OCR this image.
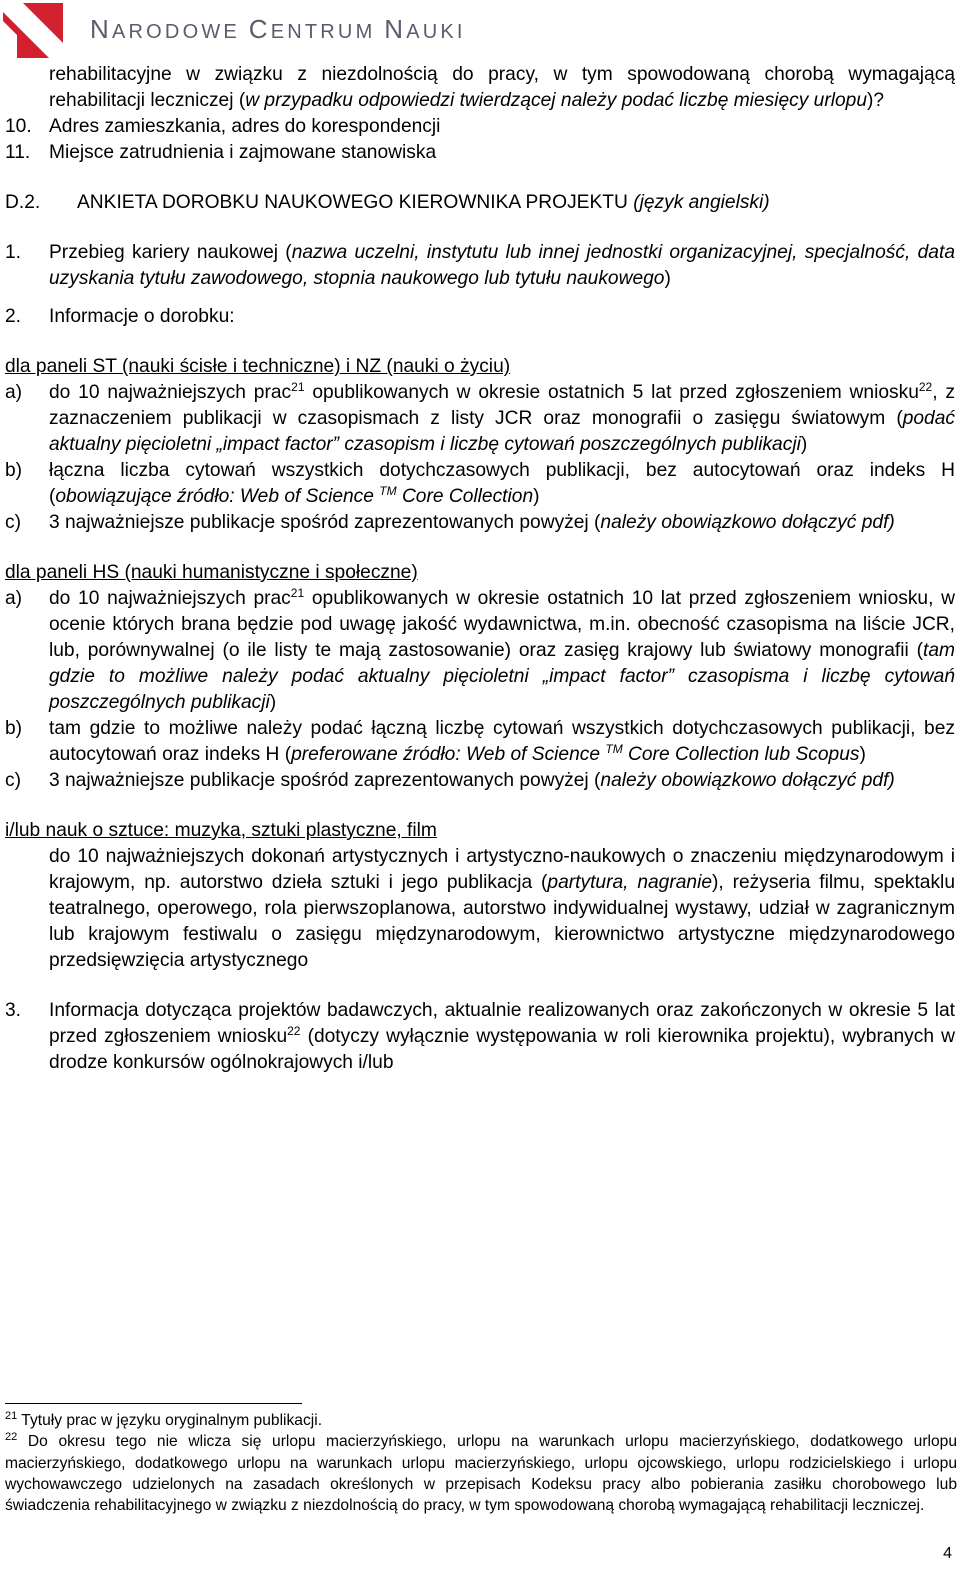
NARODOWE CENTRUM NAUKI

rehabilitacyjne w związku z niezdolnością do pracy, w tym spowodowaną chorobą wymagającą rehabilitacji leczniczej (w przypadku odpowiedzi twierdzącej należy podać liczbę miesięcy urlopu)?

10. Adres zamieszkania, adres do korespondencji
11. Miejsce zatrudnienia i zajmowane stanowiska
D.2.	ANKIETA DOROBKU NAUKOWEGO KIEROWNIKA PROJEKTU (język angielski)
1.	Przebieg kariery naukowej (nazwa uczelni, instytutu lub innej jednostki organizacyjnej, specjalność, data uzyskania tytułu zawodowego, stopnia naukowego lub tytułu naukowego)
2.	Informacje o dorobku:

dla paneli ST (nauki ścisłe i techniczne) i NZ (nauki o życiu)

a)	do 10 najważniejszych prac$^{21}$ opublikowanych w okresie ostatnich 5 lat przed zgłoszeniem wniosku$^{22}$, z zaznaczeniem publikacji w czasopismach z listy JCR oraz monografii o zasięgu światowym (podać aktualny pięcioletni „impact factor” czasopism i liczbę cytowań poszczególnych publikacji)
b)	łączna liczba cytowań wszystkich dotychczasowych publikacji, bez autocytowań oraz indeks H (obowiązujące źródło: Web of Science ™ Core Collection)
c)	3 najważniejsze publikacje spośród zaprezentowanych powyżej (należy obowiązkowo dołączyć pdf)

dla paneli HS (nauki humanistyczne i społeczne)

a)	do 10 najważniejszych prac$^{21}$ opublikowanych w okresie ostatnich 10 lat przed zgłoszeniem wniosku, w ocenie których brana będzie pod uwagę jakość wydawnictwa, m.in. obecność czasopisma na liście JCR, lub, porównywalnej (o ile listy te mają zastosowanie) oraz zasięg krajowy lub światowy monografii (tam gdzie to możliwe należy podać aktualny pięcioletni „impact factor” czasopisma i liczbę cytowań poszczególnych publikacji)
b)	tam gdzie to możliwe należy podać łączną liczbę cytowań wszystkich dotychczasowych publikacji, bez autocytowań oraz indeks H (preferowane źródło: Web of Science ™ Core Collection lub Scopus)
c)	3 najważniejsze publikacje spośród zaprezentowanych powyżej (należy obowiązkowo dołączyć pdf)

i/lub nauk o sztuce: muzyka, sztuki plastyczne, film

do 10 najważniejszych dokonań artystycznych i artystyczno-naukowych o znaczeniu międzynarodowym i krajowym, np. autorstwo dzieła sztuki i jego publikacja (partytura, nagranie), reżyseria filmu, spektaklu teatralnego, operowego, rola pierwszoplanowa, autorstwo indywidualnej wystawy, udział w zagranicznym lub krajowym festiwalu o zasięgu międzynarodowym, kierownictwo artystyczne międzynarodowego przedsięwzięcia artystycznego

3.	Informacja dotycząca projektów badawczych, aktualnie realizowanych oraz zakończonych w okresie 5 lat przed zgłoszeniem wniosku$^{22}$ (dotyczy wyłącznie występowania w roli kierownika projektu), wybranych w drodze konkursów ogólnokrajowych i/lub

$^{21}$ Tytuły prac w języku oryginalnym publikacji.

$^{22}$ Do okresu tego nie wlicza się urlopu macierzyńskiego, urlopu na warunkach urlopu macierzyńskiego, dodatkowego urlopu macierzyńskiego, dodatkowego urlopu na warunkach urlopu macierzyńskiego, urlopu ojcowskiego, urlopu rodzicielskiego i urlopu wychowawczego udzielonych na zasadach określonych w przepisach Kodeksu pracy albo pobierania zasiłku chorobowego lub świadczenia rehabilitacyjnego w związku z niezdolnością do pracy, w tym spowodowaną chorobą wymagającą rehabilitacji leczniczej.

4
